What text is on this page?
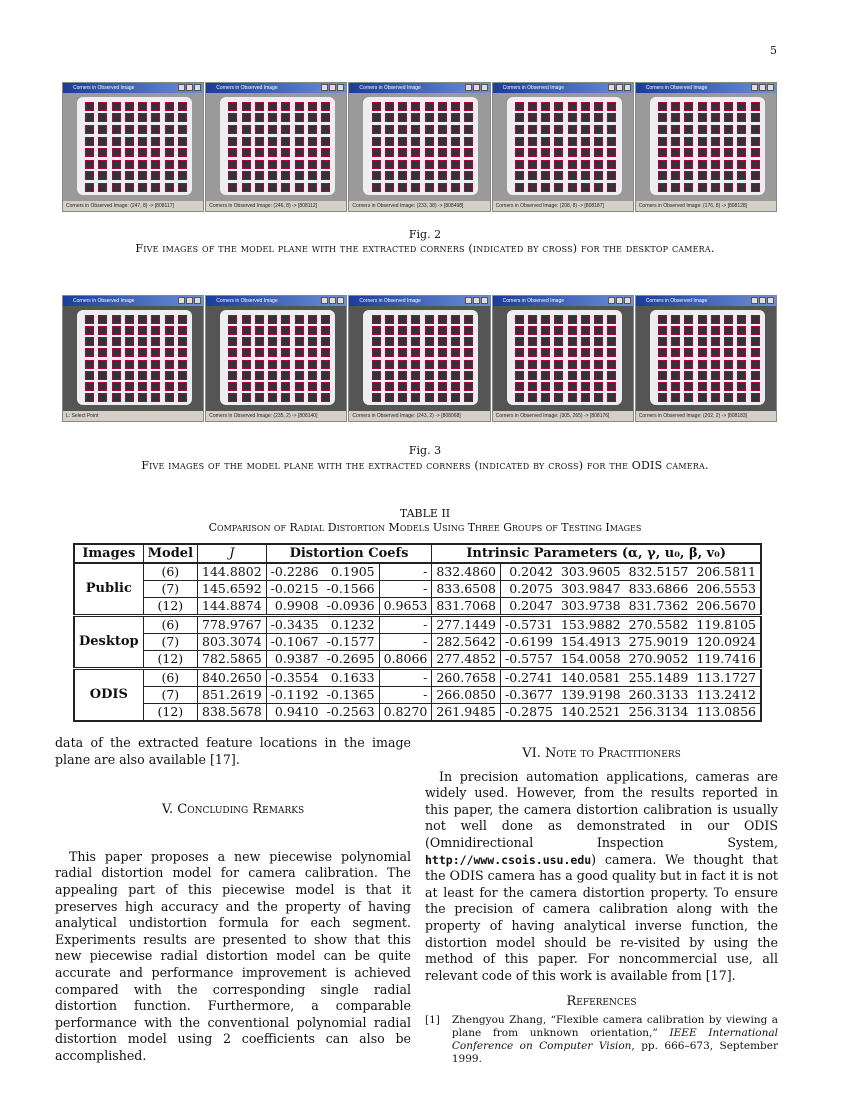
5
Corners in Observed Image
Corners in Observed Image: (247, 8) -> [808117]
Corners in Observed Image
Corners in Observed Image: (246, 8) -> [808112]
Corners in Observed Image
Corners in Observed Image: (233, 38) -> [808498]
Corners in Observed Image
Corners in Observed Image: (208, 8) -> [808187]
Corners in Observed Image
Corners in Observed Image: (176, 8) -> [808128]
Fig. 2
Five images of the model plane with the extracted corners (indicated by cross) for the desktop camera.
Corners in Observed Image
L: Select Point
Corners in Observed Image
Corners in Observed Image: (235, 2) -> [808140]
Corners in Observed Image
Corners in Observed Image: (243, 2) -> [808068]
Corners in Observed Image
Corners in Observed Image: (305, 265) -> [808176]
Corners in Observed Image
Corners in Observed Image: (202, 2) -> [808183]
Fig. 3
Five images of the model plane with the extracted corners (indicated by cross) for the ODIS camera.
TABLE II
Comparison of Radial Distortion Models Using Three Groups of Testing Images
Images	Model	J	Distortion Coefs			Intrinsic Parameters (α, γ, u₀, β, v₀)				
Public	(6)	144.8802	-0.2286	0.1905	-	832.4860	0.2042	303.9605	832.5157	206.5811
	(7)	145.6592	-0.0215	-0.1566	-	833.6508	0.2075	303.9847	833.6866	206.5553
	(12)	144.8874	0.9908	-0.0936	0.9653	831.7068	0.2047	303.9738	831.7362	206.5670
Desktop	(6)	778.9767	-0.3435	0.1232	-	277.1449	-0.5731	153.9882	270.5582	119.8105
	(7)	803.3074	-0.1067	-0.1577	-	282.5642	-0.6199	154.4913	275.9019	120.0924
	(12)	782.5865	0.9387	-0.2695	0.8066	277.4852	-0.5757	154.0058	270.9052	119.7416
ODIS	(6)	840.2650	-0.3554	0.1633	-	260.7658	-0.2741	140.0581	255.1489	113.1727
	(7)	851.2619	-0.1192	-0.1365	-	266.0850	-0.3677	139.9198	260.3133	113.2412
	(12)	838.5678	0.9410	-0.2563	0.8270	261.9485	-0.2875	140.2521	256.3134	113.0856
data of the extracted feature locations in the image plane are also available [17].
V. Concluding Remarks

This paper proposes a new piecewise polynomial radial distortion model for camera calibration. The appealing part of this piecewise model is that it preserves high accuracy and the property of having analytical undistortion formula for each segment. Experiments results are presented to show that this new piecewise radial distortion model can be quite accurate and performance improvement is achieved compared with the corresponding single radial distortion function. Furthermore, a comparable performance with the conventional polynomial radial distortion model using 2 coefficients can also be accomplished.

VI. Note to Practitioners

In precision automation applications, cameras are widely used. However, from the results reported in this paper, the camera distortion calibration is usually not well done as demonstrated in our ODIS (Omnidirectional Inspection System, http://www.csois.usu.edu) camera. We thought that the ODIS camera has a good quality but in fact it is not at least for the camera distortion property. To ensure the precision of camera calibration along with the property of having analytical inverse function, the distortion model should be re-visited by using the method of this paper. For noncommercial use, all relevant code of this work is available from [17].

References
[1] Zhengyou Zhang, “Flexible camera calibration by viewing a plane from unknown orientation,” IEEE International Conference on Computer Vision, pp. 666–673, September 1999.
